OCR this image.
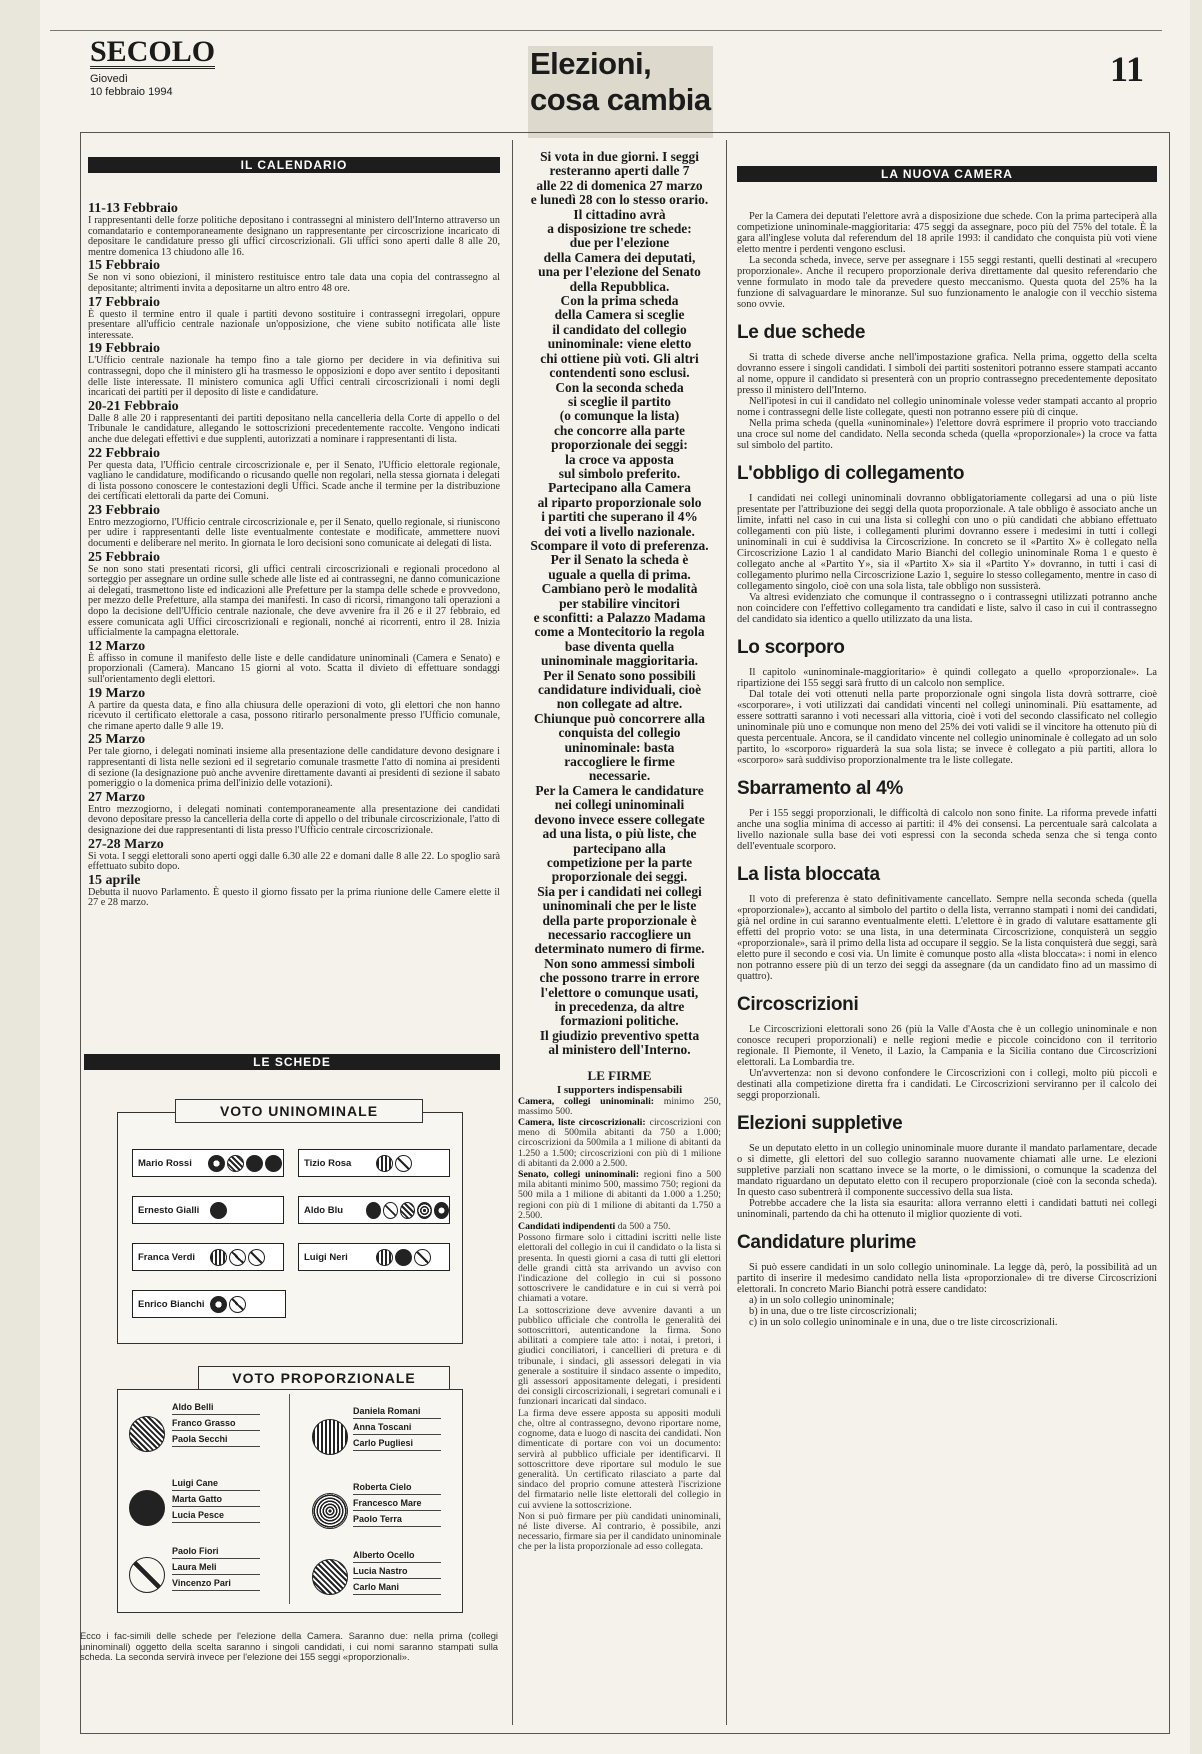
SECOLO
Giovedì
10 febbraio 1994
Elezioni,
cosa cambia
11
IL CALENDARIO
11-13 Febbraio
I rappresentanti delle forze politiche depositano i contrassegni al ministero dell'Interno attraverso un comandatario e contemporaneamente designano un rappresentante per circoscrizione incaricato di depositare le candidature presso gli uffici circoscrizionali. Gli uffici sono aperti dalle 8 alle 20, mentre domenica 13 chiudono alle 16.
15 Febbraio
Se non vi sono obiezioni, il ministero restituisce entro tale data una copia del contrassegno al depositante; altrimenti invita a depositarne un altro entro 48 ore.
17 Febbraio
È questo il termine entro il quale i partiti devono sostituire i contrassegni irregolari, oppure presentare all'ufficio centrale nazionale un'opposizione, che viene subito notificata alle liste interessate.
19 Febbraio
L'Ufficio centrale nazionale ha tempo fino a tale giorno per decidere in via definitiva sui contrassegni, dopo che il ministero gli ha trasmesso le opposizioni e dopo aver sentito i depositanti delle liste interessate. Il ministero comunica agli Uffici centrali circoscrizionali i nomi degli incaricati dei partiti per il deposito di liste e candidature.
20-21 Febbraio
Dalle 8 alle 20 i rappresentanti dei partiti depositano nella cancelleria della Corte di appello o del Tribunale le candidature, allegando le sottoscrizioni precedentemente raccolte. Vengono indicati anche due delegati effettivi e due supplenti, autorizzati a nominare i rappresentanti di lista.
22 Febbraio
Per questa data, l'Ufficio centrale circoscrizionale e, per il Senato, l'Ufficio elettorale regionale, vagliano le candidature, modificando o ricusando quelle non regolari, nella stessa giornata i delegati di lista possono conoscere le contestazioni degli Uffici. Scade anche il termine per la distribuzione dei certificati elettorali da parte dei Comuni.
23 Febbraio
Entro mezzogiorno, l'Ufficio centrale circoscrizionale e, per il Senato, quello regionale, si riuniscono per udire i rappresentanti delle liste eventualmente contestate e modificate, ammettere nuovi documenti e deliberare nel merito. In giornata le loro decisioni sono comunicate ai delegati di lista.
25 Febbraio
Se non sono stati presentati ricorsi, gli uffici centrali circoscrizionali e regionali procedono al sorteggio per assegnare un ordine sulle schede alle liste ed ai contrassegni, ne danno comunicazione ai delegati, trasmettono liste ed indicazioni alle Prefetture per la stampa delle schede e provvedono, per mezzo delle Prefetture, alla stampa dei manifesti. In caso di ricorsi, rimangono tali operazioni a dopo la decisione dell'Ufficio centrale nazionale, che deve avvenire fra il 26 e il 27 febbraio, ed essere comunicata agli Uffici circoscrizionali e regionali, nonché ai ricorrenti, entro il 28. Inizia ufficialmente la campagna elettorale.
12 Marzo
È affisso in comune il manifesto delle liste e delle candidature uninominali (Camera e Senato) e proporzionali (Camera). Mancano 15 giorni al voto. Scatta il divieto di effettuare sondaggi sull'orientamento degli elettori.
19 Marzo
A partire da questa data, e fino alla chiusura delle operazioni di voto, gli elettori che non hanno ricevuto il certificato elettorale a casa, possono ritirarlo personalmente presso l'Ufficio comunale, che rimane aperto dalle 9 alle 19.
25 Marzo
Per tale giorno, i delegati nominati insieme alla presentazione delle candidature devono designare i rappresentanti di lista nelle sezioni ed il segretario comunale trasmette l'atto di nomina ai presidenti di sezione (la designazione può anche avvenire direttamente davanti ai presidenti di sezione il sabato pomeriggio o la domenica prima dell'inizio delle votazioni).
27 Marzo
Entro mezzogiorno, i delegati nominati contemporaneamente alla presentazione dei candidati devono depositare presso la cancelleria della corte di appello o del tribunale circoscrizionale, l'atto di designazione dei due rappresentanti di lista presso l'Ufficio centrale circoscrizionale.
27-28 Marzo
Si vota. I seggi elettorali sono aperti oggi dalle 6.30 alle 22 e domani dalle 8 alle 22. Lo spoglio sarà effettuato subito dopo.
15 aprile
Debutta il nuovo Parlamento. È questo il giorno fissato per la prima riunione delle Camere elette il 27 e 28 marzo.
LE SCHEDE
VOTO UNINOMINALE
Mario Rossi	Tizio Rosa
Ernesto Gialli	Aldo Blu
Franca Verdi	Luigi Neri
Enrico Bianchi
VOTO PROPORZIONALE
Aldo Belli
Franco Grasso
Paola Secchi
Daniela Romani
Anna Toscani
Carlo Pugliesi
Luigi Cane
Marta Gatto
Lucia Pesce
Roberta Cielo
Francesco Mare
Paolo Terra
Paolo Fiori
Laura Meli
Vincenzo Pari
Alberto Ocello
Lucia Nastro
Carlo Mani
Ecco i fac-simili delle schede per l'elezione della Camera. Saranno due: nella prima (collegi uninominali) oggetto della scelta saranno i singoli candidati, i cui nomi saranno stampati sulla scheda. La seconda servirà invece per l'elezione dei 155 seggi «proporzionali».
Si vota in due giorni. I seggi
resteranno aperti dalle 7
alle 22 di domenica 27 marzo
e lunedì 28 con lo stesso orario.
Il cittadino avrà
a disposizione tre schede:
due per l'elezione
della Camera dei deputati,
una per l'elezione del Senato
della Repubblica.
Con la prima scheda
della Camera si sceglie
il candidato del collegio
uninominale: viene eletto
chi ottiene più voti. Gli altri
contendenti sono esclusi.
Con la seconda scheda
si sceglie il partito
(o comunque la lista)
che concorre alla parte
proporzionale dei seggi:
la croce va apposta
sul simbolo preferito.
Partecipano alla Camera
al riparto proporzionale solo
i partiti che superano il 4%
dei voti a livello nazionale.
Scompare il voto di preferenza.
Per il Senato la scheda è
uguale a quella di prima.
Cambiano però le modalità
per stabilire vincitori
e sconfitti: a Palazzo Madama
come a Montecitorio la regola
base diventa quella
uninominale maggioritaria.
Per il Senato sono possibili
candidature individuali, cioè
non collegate ad altre.
Chiunque può concorrere alla
conquista del collegio
uninominale: basta
raccogliere le firme
necessarie.
Per la Camera le candidature
nei collegi uninominali
devono invece essere collegate
ad una lista, o più liste, che
partecipano alla
competizione per la parte
proporzionale dei seggi.
Sia per i candidati nei collegi
uninominali che per le liste
della parte proporzionale è
necessario raccogliere un
determinato numero di firme.
Non sono ammessi simboli
che possono trarre in errore
l'elettore o comunque usati,
in precedenza, da altre
formazioni politiche.
Il giudizio preventivo spetta
al ministero dell'Interno.
LE FIRME
I supporters indispensabili
Camera, collegi uninominali: minimo 250, massimo 500.
Camera, liste circoscrizionali: circoscrizioni con meno di 500mila abitanti da 750 a 1.000; circoscrizioni da 500mila a 1 milione di abitanti da 1.250 a 1.500; circoscrizioni con più di 1 milione di abitanti da 2.000 a 2.500.
Senato, collegi uninominali: regioni fino a 500 mila abitanti minimo 500, massimo 750; regioni da 500 mila a 1 milione di abitanti da 1.000 a 1.250; regioni con più di 1 milione di abitanti da 1.750 a 2.500.
Candidati indipendenti da 500 a 750.
Possono firmare solo i cittadini iscritti nelle liste elettorali del collegio in cui il candidato o la lista si presenta. In questi giorni a casa di tutti gli elettori delle grandi città sta arrivando un avviso con l'indicazione del collegio in cui si possono sottoscrivere le candidature e in cui si verrà poi chiamati a votare.
La sottoscrizione deve avvenire davanti a un pubblico ufficiale che controlla le generalità dei sottoscrittori, autenticandone la firma. Sono abilitati a compiere tale atto: i notai, i pretori, i giudici conciliatori, i cancellieri di pretura e di tribunale, i sindaci, gli assessori delegati in via generale a sostituire il sindaco assente o impedito, gli assessori appositamente delegati, i presidenti dei consigli circoscrizionali, i segretari comunali e i funzionari incaricati dal sindaco.
La firma deve essere apposta su appositi moduli che, oltre al contrassegno, devono riportare nome, cognome, data e luogo di nascita dei candidati. Non dimenticate di portare con voi un documento: servirà al pubblico ufficiale per identificarvi. Il sottoscrittore deve riportare sul modulo le sue generalità. Un certificato rilasciato a parte dal sindaco del proprio comune attesterà l'iscrizione del firmatario nelle liste elettorali del collegio in cui avviene la sottoscrizione.
Non si può firmare per più candidati uninominali, né liste diverse. Al contrario, è possibile, anzi necessario, firmare sia per il candidato uninominale che per la lista proporzionale ad esso collegata.
LA NUOVA CAMERA
Per la Camera dei deputati l'elettore avrà a disposizione due schede. Con la prima parteciperà alla competizione uninominale-maggioritaria: 475 seggi da assegnare, poco più del 75% del totale. È la gara all'inglese voluta dal referendum del 18 aprile 1993: il candidato che conquista più voti viene eletto mentre i perdenti vengono esclusi.
La seconda scheda, invece, serve per assegnare i 155 seggi restanti, quelli destinati al «recupero proporzionale». Anche il recupero proporzionale deriva direttamente dal quesito referendario che venne formulato in modo tale da prevedere questo meccanismo. Questa quota del 25% ha la funzione di salvaguardare le minoranze. Sul suo funzionamento le analogie con il vecchio sistema sono ovvie.
Le due schede
Si tratta di schede diverse anche nell'impostazione grafica. Nella prima, oggetto della scelta dovranno essere i singoli candidati. I simboli dei partiti sostenitori potranno essere stampati accanto al nome, oppure il candidato si presenterà con un proprio contrassegno precedentemente depositato presso il ministero dell'Interno.
Nell'ipotesi in cui il candidato nel collegio uninominale volesse veder stampati accanto al proprio nome i contrassegni delle liste collegate, questi non potranno essere più di cinque.
Nella prima scheda (quella «uninominale») l'elettore dovrà esprimere il proprio voto tracciando una croce sul nome del candidato. Nella seconda scheda (quella «proporzionale») la croce va fatta sul simbolo del partito.
L'obbligo di collegamento
I candidati nei collegi uninominali dovranno obbligatoriamente collegarsi ad una o più liste presentate per l'attribuzione dei seggi della quota proporzionale. A tale obbligo è associato anche un limite, infatti nel caso in cui una lista si colleghi con uno o più candidati che abbiano effettuato collegamenti con più liste, i collegamenti plurimi dovranno essere i medesimi in tutti i collegi uninominali in cui è suddivisa la Circoscrizione. In concreto se il «Partito X» è collegato nella Circoscrizione Lazio 1 al candidato Mario Bianchi del collegio uninominale Roma 1 e questo è collegato anche al «Partito Y», sia il «Partito X» sia il «Partito Y» dovranno, in tutti i casi di collegamento plurimo nella Circoscrizione Lazio 1, seguire lo stesso collegamento, mentre in caso di collegamento singolo, cioè con una sola lista, tale obbligo non sussisterà.
Va altresì evidenziato che comunque il contrassegno o i contrassegni utilizzati potranno anche non coincidere con l'effettivo collegamento tra candidati e liste, salvo il caso in cui il contrassegno del candidato sia identico a quello utilizzato da una lista.
Lo scorporo
Il capitolo «uninominale-maggioritario» è quindi collegato a quello «proporzionale». La ripartizione dei 155 seggi sarà frutto di un calcolo non semplice.
Dal totale dei voti ottenuti nella parte proporzionale ogni singola lista dovrà sottrarre, cioè «scorporare», i voti utilizzati dai candidati vincenti nel collegi uninominali. Più esattamente, ad essere sottratti saranno i voti necessari alla vittoria, cioè i voti del secondo classificato nel collegio uninominale più uno e comunque non meno del 25% dei voti validi se il vincitore ha ottenuto più di questa percentuale. Ancora, se il candidato vincente nel collegio uninominale è collegato ad un solo partito, lo «scorporo» riguarderà la sua sola lista; se invece è collegato a più partiti, allora lo «scorporo» sarà suddiviso proporzionalmente tra le liste collegate.
Sbarramento al 4%
Per i 155 seggi proporzionali, le difficoltà di calcolo non sono finite. La riforma prevede infatti anche una soglia minima di accesso ai partiti: il 4% dei consensi. La percentuale sarà calcolata a livello nazionale sulla base dei voti espressi con la seconda scheda senza che si tenga conto dell'eventuale scorporo.
La lista bloccata
Il voto di preferenza è stato definitivamente cancellato. Sempre nella seconda scheda (quella «proporzionale»), accanto al simbolo del partito o della lista, verranno stampati i nomi dei candidati, già nel ordine in cui saranno eventualmente eletti. L'elettore è in grado di valutare esattamente gli effetti del proprio voto: se una lista, in una determinata Circoscrizione, conquisterà un seggio «proporzionale», sarà il primo della lista ad occupare il seggio. Se la lista conquisterà due seggi, sarà eletto pure il secondo e così via. Un limite è comunque posto alla «lista bloccata»: i nomi in elenco non potranno essere più di un terzo dei seggi da assegnare (da un candidato fino ad un massimo di quattro).
Circoscrizioni
Le Circoscrizioni elettorali sono 26 (più la Valle d'Aosta che è un collegio uninominale e non conosce recuperi proporzionali) e nelle regioni medie e piccole coincidono con il territorio regionale. Il Piemonte, il Veneto, il Lazio, la Campania e la Sicilia contano due Circoscrizioni elettorali. La Lombardia tre.
Un'avvertenza: non si devono confondere le Circoscrizioni con i collegi, molto più piccoli e destinati alla competizione diretta fra i candidati. Le Circoscrizioni serviranno per il calcolo dei seggi proporzionali.
Elezioni suppletive
Se un deputato eletto in un collegio uninominale muore durante il mandato parlamentare, decade o si dimette, gli elettori del suo collegio saranno nuovamente chiamati alle urne. Le elezioni suppletive parziali non scattano invece se la morte, o le dimissioni, o comunque la scadenza del mandato riguardano un deputato eletto con il recupero proporzionale (cioè con la seconda scheda). In questo caso subentrerà il componente successivo della sua lista.
Potrebbe accadere che la lista sia esaurita: allora verranno eletti i candidati battuti nei collegi uninominali, partendo da chi ha ottenuto il miglior quoziente di voti.
Candidature plurime
Si può essere candidati in un solo collegio uninominale. La legge dà, però, la possibilità ad un partito di inserire il medesimo candidato nella lista «proporzionale» di tre diverse Circoscrizioni elettorali. In concreto Mario Bianchi potrà essere candidato:
a) in un solo collegio uninominale;
b) in una, due o tre liste circoscrizionali;
c) in un solo collegio uninominale e in una, due o tre liste circoscrizionali.
